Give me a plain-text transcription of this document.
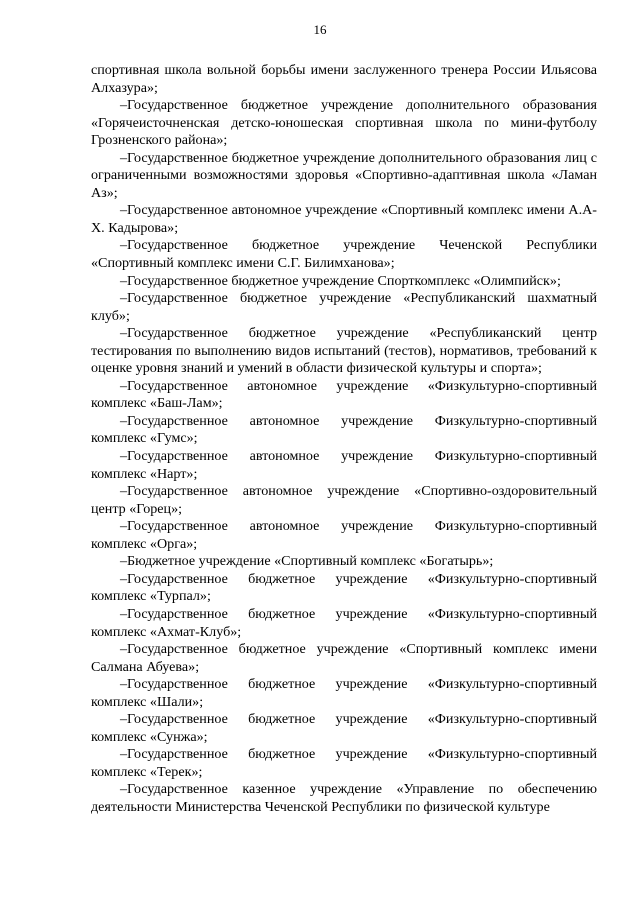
16

спортивная школа вольной борьбы имени заслуженного тренера России Ильясова Алхазура»;

–Государственное бюджетное учреждение дополнительного образования «Горячеисточненская детско-юношеская спортивная школа по мини-футболу Грозненского района»;

–Государственное бюджетное учреждение дополнительного образования лиц с ограниченными возможностями здоровья «Спортивно-адаптивная школа «Ламан Аз»;

–Государственное автономное учреждение «Спортивный комплекс имени А.А-Х. Кадырова»;

–Государственное бюджетное учреждение Чеченской Республики «Спортивный комплекс имени С.Г. Билимханова»;

–Государственное бюджетное учреждение Спорткомплекс «Олимпийск»;

–Государственное бюджетное учреждение «Республиканский шахматный клуб»;

–Государственное бюджетное учреждение «Республиканский центр тестирования по выполнению видов испытаний (тестов), нормативов, требований к оценке уровня знаний и умений в области физической культуры и спорта»;

–Государственное автономное учреждение «Физкультурно-спортивный комплекс «Баш-Лам»;

–Государственное автономное учреждение Физкультурно-спортивный комплекс «Гумс»;

–Государственное автономное учреждение Физкультурно-спортивный комплекс «Нарт»;

–Государственное автономное учреждение «Спортивно-оздоровительный центр «Горец»;

–Государственное автономное учреждение Физкультурно-спортивный комплекс «Орга»;

–Бюджетное учреждение «Спортивный комплекс «Богатырь»;

–Государственное бюджетное учреждение «Физкультурно-спортивный комплекс «Турпал»;

–Государственное бюджетное учреждение «Физкультурно-спортивный комплекс «Ахмат-Клуб»;

–Государственное бюджетное учреждение «Спортивный комплекс имени Салмана Абуева»;

–Государственное бюджетное учреждение «Физкультурно-спортивный комплекс «Шали»;

–Государственное бюджетное учреждение «Физкультурно-спортивный комплекс «Сунжа»;

–Государственное бюджетное учреждение «Физкультурно-спортивный комплекс «Терек»;

–Государственное казенное учреждение «Управление по обеспечению деятельности Министерства Чеченской Республики по физической культуре
